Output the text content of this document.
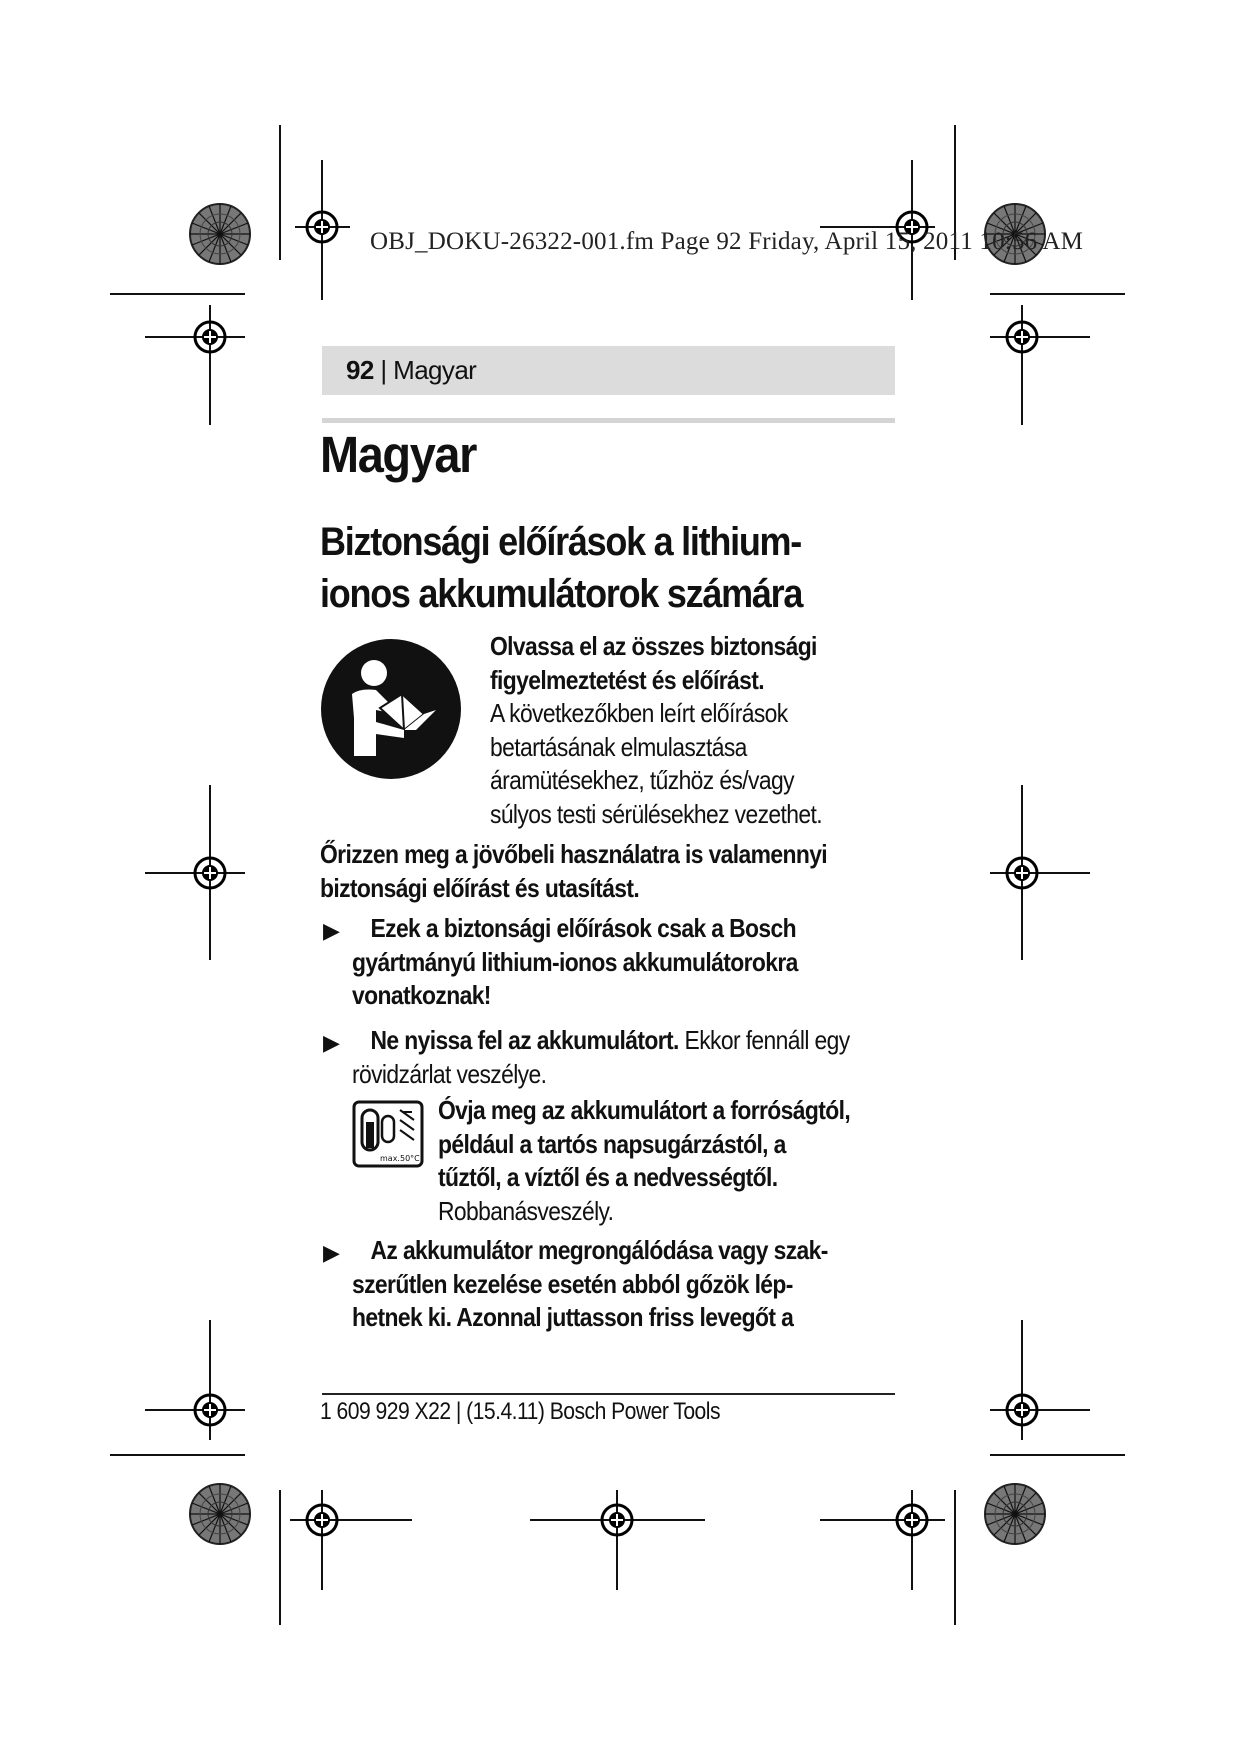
OBJ_DOKU-26322-001.fm Page 92 Friday, April 15, 2011 10:56 AM
92 | Magyar
Magyar
Biztonsági előírások a lithium-
ionos akkumulátorok számára
Olvassa el az összes biztonsági
figyelmeztetést és előírást.
A következőkben leírt előírások
betartásának elmulasztása
áramütésekhez, tűzhöz és/vagy
súlyos testi sérülésekhez vezethet.
Őrizzen meg a jövőbeli használatra is valamennyi
biztonsági előírást és utasítást.
▶	Ezek a biztonsági előírások csak a Bosch
gyártmányú lithium-ionos akkumulátorokra
vonatkoznak!
▶	Ne nyissa fel az akkumulátort. Ekkor fennáll egy
rövidzárlat veszélye.
max.50°C
Óvja meg az akkumulátort a forróságtól,
például a tartós napsugárzástól, a
tűztől, a víztől és a nedvességtől.
Robbanásveszély.
▶	Az akkumulátor megrongálódása vagy szak-
szerűtlen kezelése esetén abból gőzök lép-
hetnek ki. Azonnal juttasson friss levegőt a
1 609 929 X22 | (15.4.11) Bosch Power Tools
